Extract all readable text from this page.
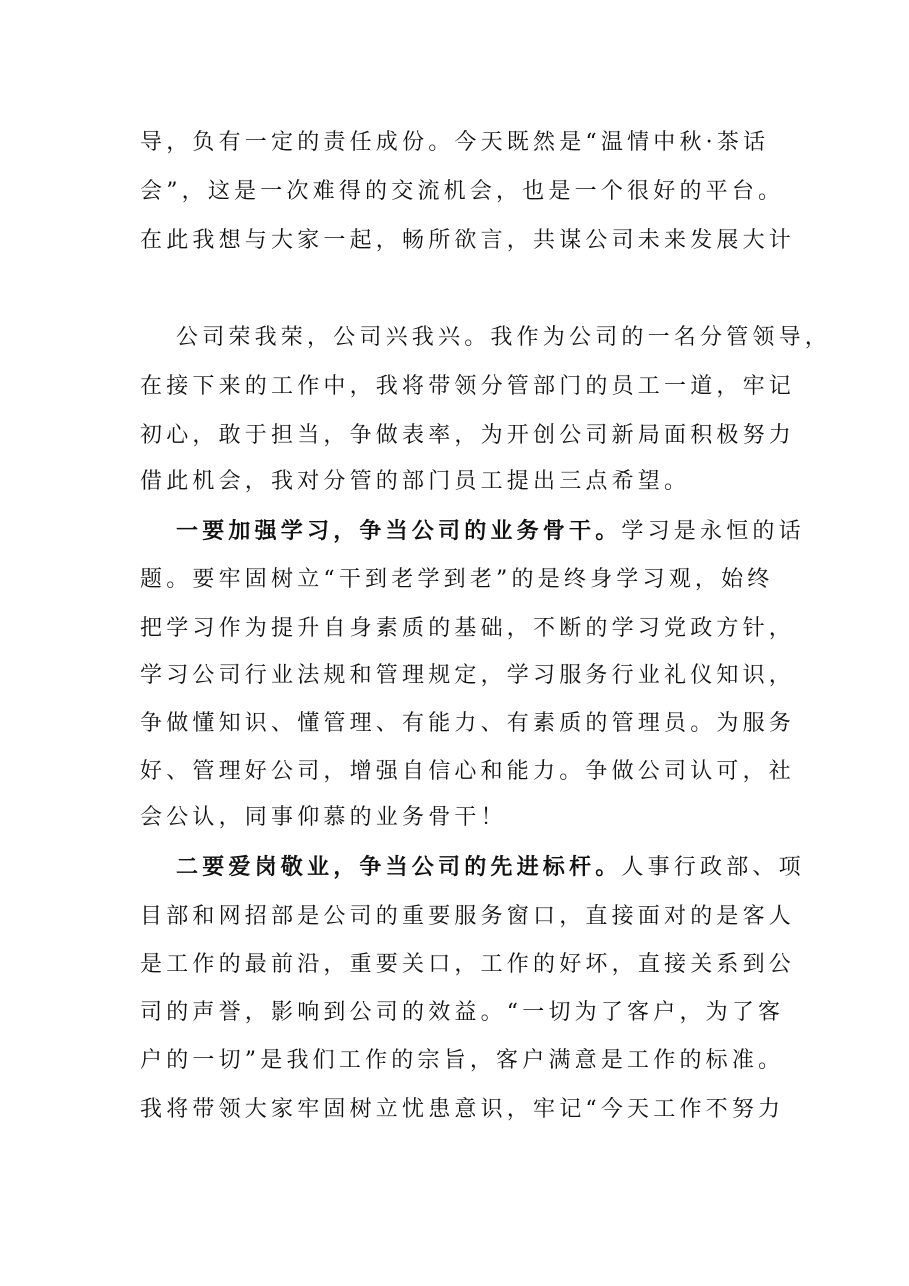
导，负有一定的责任成份。今天既然是“温情中秋·茶话
会”，这是一次难得的交流机会，也是一个很好的平台。
在此我想与大家一起，畅所欲言，共谋公司未来发展大计
公司荣我荣，公司兴我兴。我作为公司的一名分管领导，
在接下来的工作中，我将带领分管部门的员工一道，牢记
初心，敢于担当，争做表率，为开创公司新局面积极努力
借此机会，我对分管的部门员工提出三点希望。
一要加强学习，争当公司的业务骨干。学习是永恒的话
题。要牢固树立“干到老学到老”的是终身学习观，始终
把学习作为提升自身素质的基础，不断的学习党政方针，
学习公司行业法规和管理规定，学习服务行业礼仪知识，
争做懂知识、懂管理、有能力、有素质的管理员。为服务
好、管理好公司，增强自信心和能力。争做公司认可，社
会公认，同事仰慕的业务骨干！
二要爱岗敬业，争当公司的先进标杆。人事行政部、项
目部和网招部是公司的重要服务窗口，直接面对的是客人
是工作的最前沿，重要关口，工作的好坏，直接关系到公
司的声誉，影响到公司的效益。“一切为了客户，为了客
户的一切”是我们工作的宗旨，客户满意是工作的标准。
我将带领大家牢固树立忧患意识，牢记“今天工作不努力
